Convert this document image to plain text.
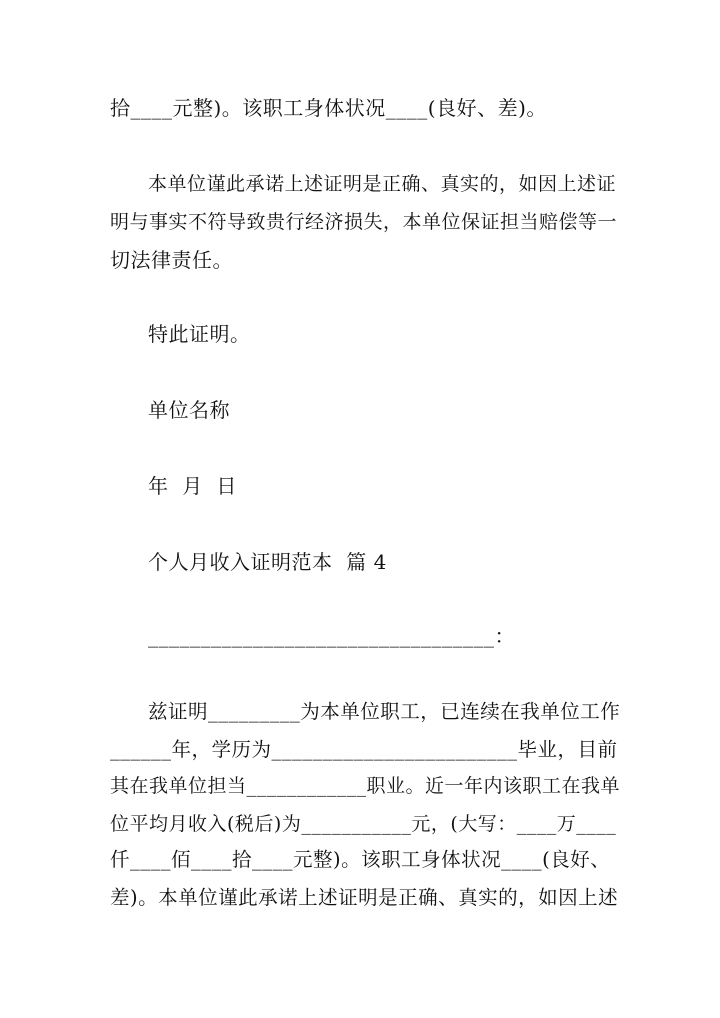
拾____元整)。该职工身体状况____(良好、差)。
本单位谨此承诺上述证明是正确、真实的，如因上述证
明与事实不符导致贵行经济损失，本单位保证担当赔偿等一
切法律责任。
特此证明。
单位名称
年  月  日
个人月收入证明范本  篇 4
_________________________________：
兹证明_________为本单位职工，已连续在我单位工作
______年，学历为________________________毕业，目前
其在我单位担当____________职业。近一年内该职工在我单
位平均月收入(税后)为___________元，(大写：____万____
仟____佰____拾____元整)。该职工身体状况____(良好、
差)。本单位谨此承诺上述证明是正确、真实的，如因上述
